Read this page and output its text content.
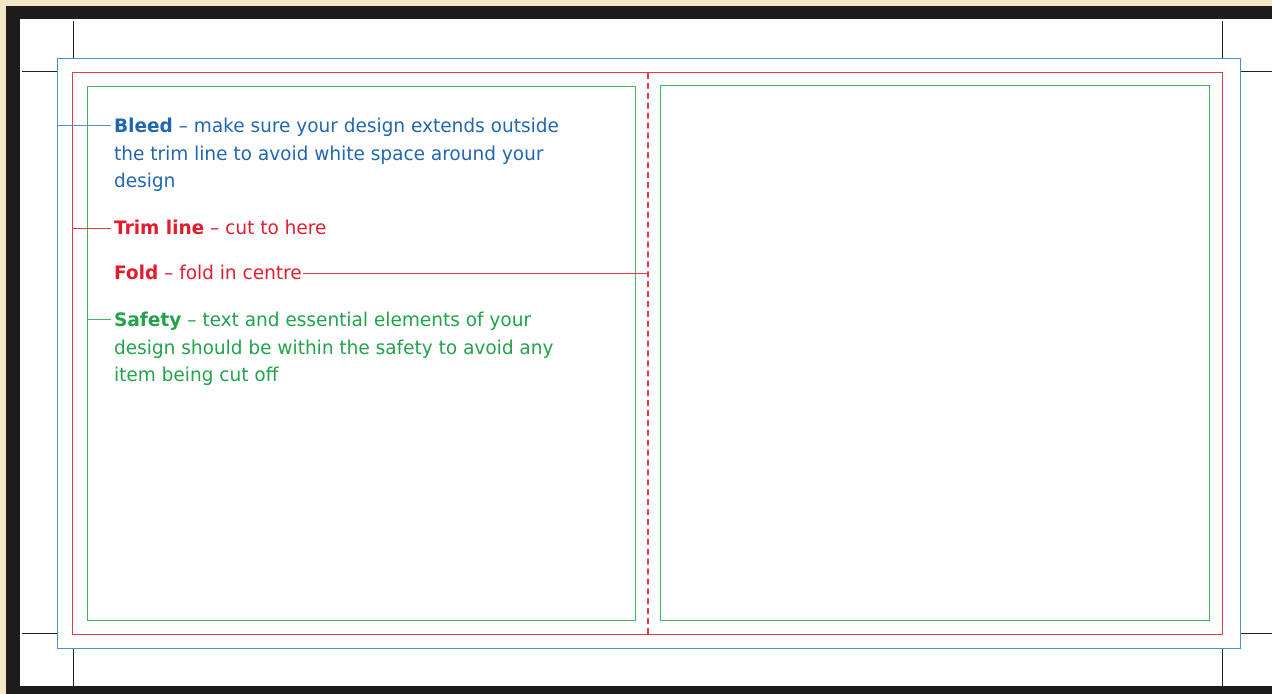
Bleed – make sure your design extends outside
the trim line to avoid white space around your
design
Trim line – cut to here
Fold – fold in centre
Safety – text and essential elements of your
design should be within the safety to avoid any
item being cut off
